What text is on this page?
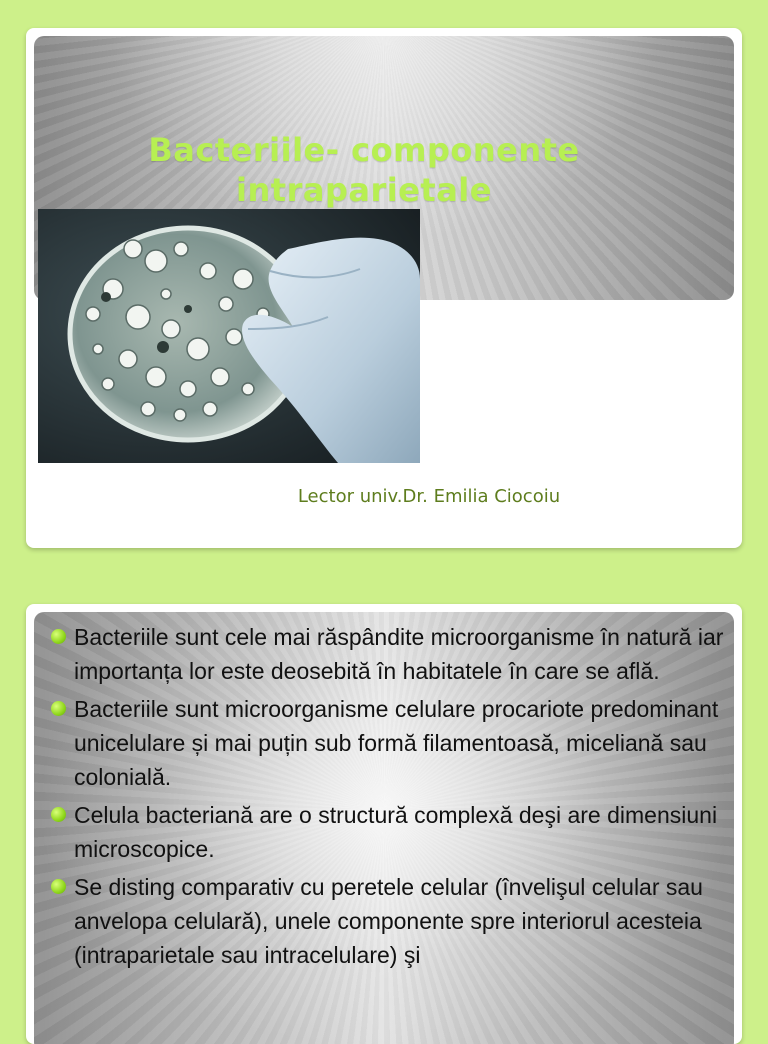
Bacteriile- componente intraparietale
Lector univ.Dr. Emilia Ciocoiu
Bacteriile sunt cele mai răspândite microorganisme în natură iar importanța lor este deosebită în habitatele în care se află.
Bacteriile sunt microorganisme celulare procariote predominant unicelulare și mai puțin sub formă filamentoasă, miceliană sau colonială.
Celula bacteriană are o structură complexă deşi are dimensiuni microscopice.
Se disting comparativ cu peretele celular (învelişul celular sau anvelopa celulară), unele componente spre interiorul acesteia (intraparietale sau intracelulare) şi
